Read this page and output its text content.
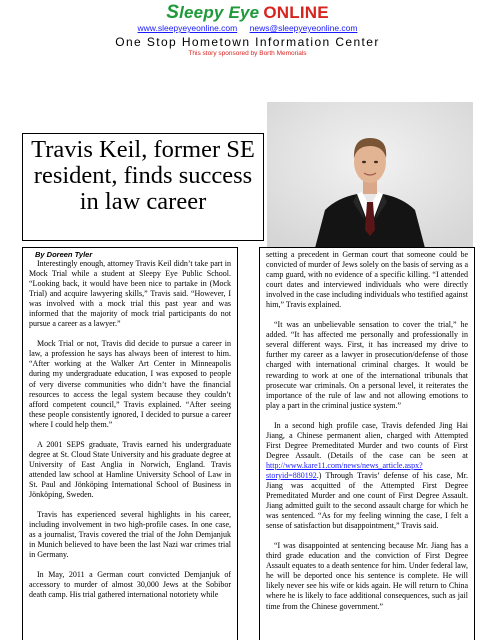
Sleepy Eye ONLINE
www.sleepyeyeonline.com news@sleepyeyeonline.com
One Stop Hometown Information Center
This story sponsored by Borth Memorials
Travis Keil, former SE resident, finds success in law career
By Doreen Tyler

Interestingly enough, attorney Travis Keil didn’t take part in Mock Trial while a student at Sleepy Eye Public School. “Looking back, it would have been nice to partake in (Mock Trial) and acquire lawyering skills,” Travis said. “However, I was involved with a mock trial this past year and was informed that the majority of mock trial participants do not pursue a career as a lawyer.”

Mock Trial or not, Travis did decide to pursue a career in law, a profession he says has always been of interest to him. “After working at the Walker Art Center in Minneapolis during my undergraduate education, I was exposed to people of very diverse communities who didn’t have the financial resources to access the legal system because they couldn’t afford competent council,” Travis explained. “After seeing these people consistently ignored, I decided to pursue a career where I could help them.”

A 2001 SEPS graduate, Travis earned his undergraduate degree at St. Cloud State University and his graduate degree at University of East Anglia in Norwich, England. Travis attended law school at Hamline University School of Law in St. Paul and Jönköping International School of Business in Jönköping, Sweden.

Travis has experienced several highlights in his career, including involvement in two high-profile cases. In one case, as a journalist, Travis covered the trial of the John Demjanjuk in Munich believed to have been the last Nazi war crimes trial in Germany.

In May, 2011 a German court convicted Demjanjuk of accessory to murder of almost 30,000 Jews at the Sobibor death camp. His trial gathered international notoriety while

setting a precedent in German court that someone could be convicted of murder of Jews solely on the basis of serving as a camp guard, with no evidence of a specific killing. “I attended court dates and interviewed individuals who were directly involved in the case including individuals who testified against him,” Travis explained.

“It was an unbelievable sensation to cover the trial,” he added. “It has affected me personally and professionally in several different ways. First, it has increased my drive to further my career as a lawyer in prosecution/defense of those charged with international criminal charges. It would be rewarding to work at one of the international tribunals that prosecute war criminals. On a personal level, it reiterates the importance of the rule of law and not allowing emotions to play a part in the criminal justice system.”

In a second high profile case, Travis defended Jing Hai Jiang, a Chinese permanent alien, charged with Attempted First Degree Premeditated Murder and two counts of First Degree Assault. (Details of the case can be seen at http://www.kare11.com/news/news_article.aspx?storyid=880192.) Through Travis’ defense of his case, Mr. Jiang was acquitted of the Attempted First Degree Premeditated Murder and one count of First Degree Assault. Jiang admitted guilt to the second assault charge for which he was sentenced. “As for my feeling winning the case, I felt a sense of satisfaction but disappointment,” Travis said.

“I was disappointed at sentencing because Mr. Jiang has a third grade education and the conviction of First Degree Assault equates to a death sentence for him. Under federal law, he will be deported once his sentence is complete. He will likely never see his wife or kids again. He will return to China where he is likely to face additional consequences, such as jail time from the Chinese government.”
